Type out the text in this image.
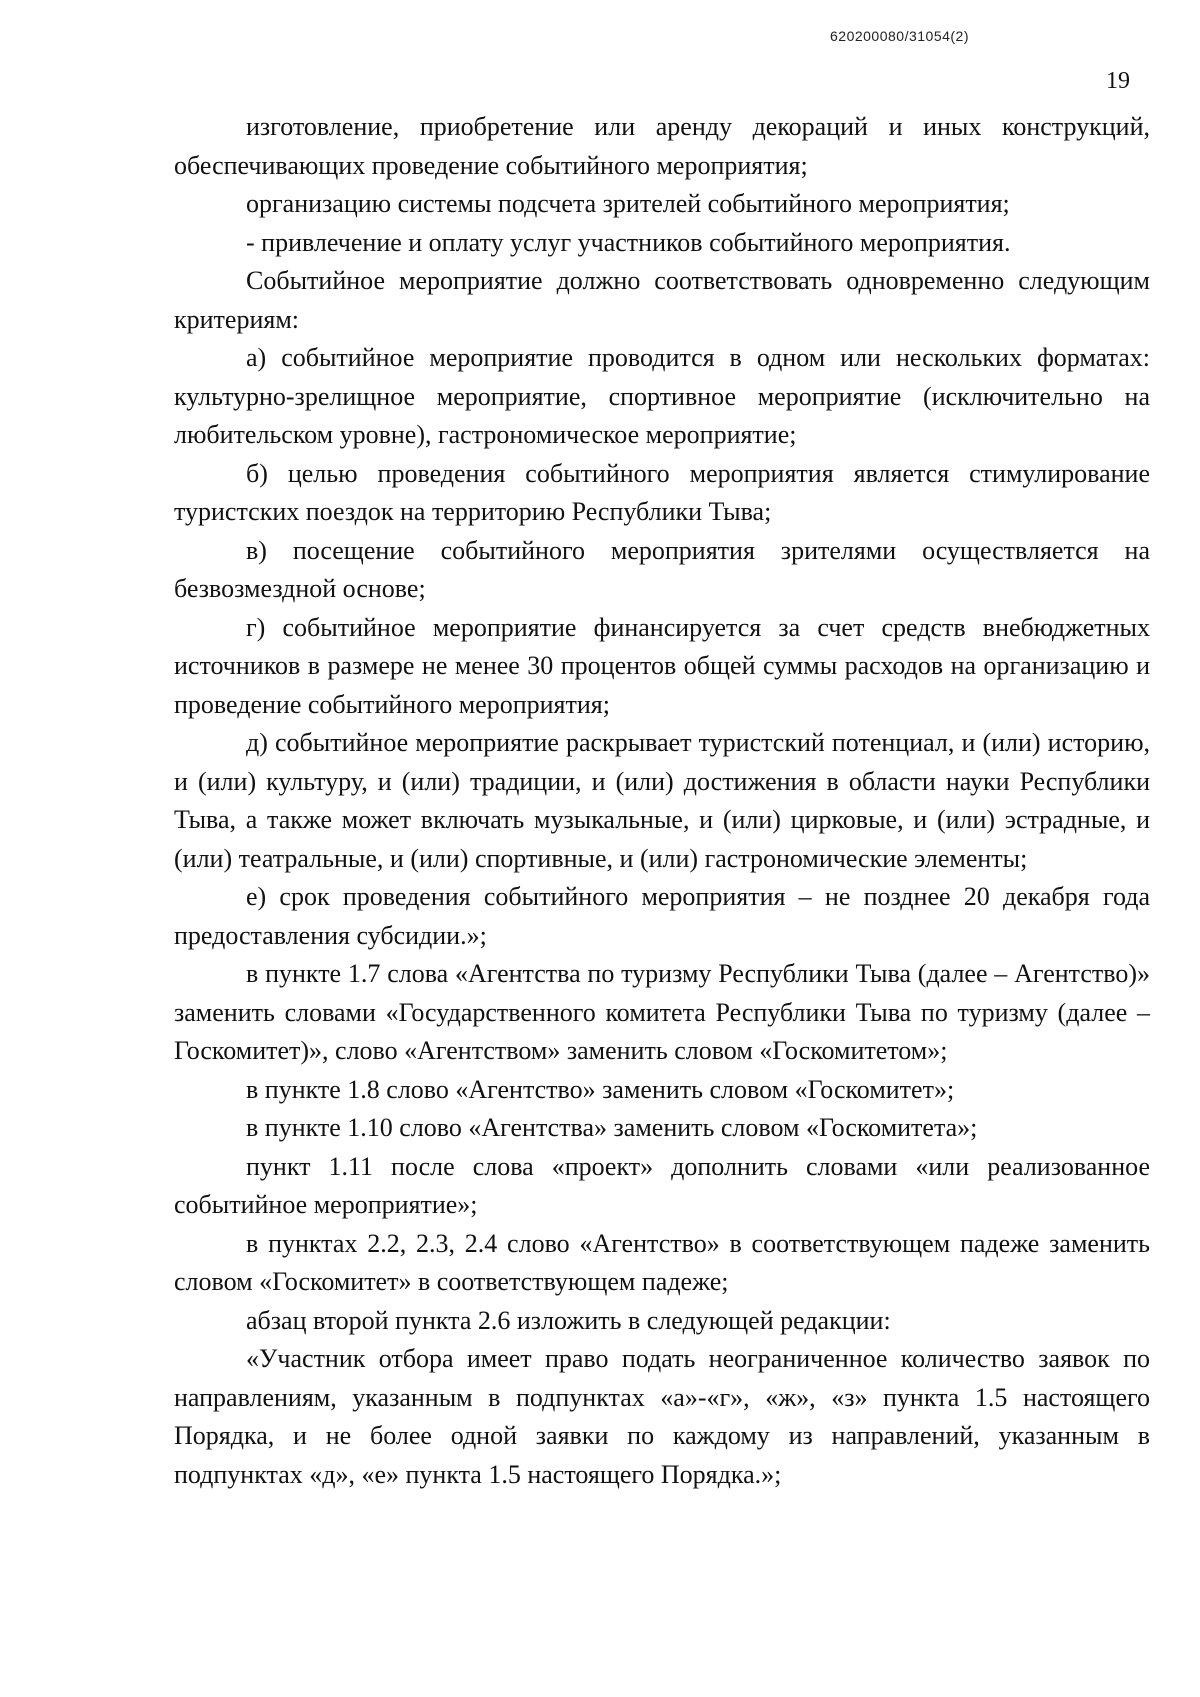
620200080/31054(2)
19

изготовление, приобретение или аренду декораций и иных конструкций, обеспечивающих проведение событийного мероприятия;

организацию системы подсчета зрителей событийного мероприятия;

- привлечение и оплату услуг участников событийного мероприятия.

Событийное мероприятие должно соответствовать одновременно следующим критериям:

а) событийное мероприятие проводится в одном или нескольких форматах: культурно-зрелищное мероприятие, спортивное мероприятие (исключительно на любительском уровне), гастрономическое мероприятие;

б) целью проведения событийного мероприятия является стимулирование туристских поездок на территорию Республики Тыва;

в) посещение событийного мероприятия зрителями осуществляется на безвозмездной основе;

г) событийное мероприятие финансируется за счет средств внебюджетных источников в размере не менее 30 процентов общей суммы расходов на организацию и проведение событийного мероприятия;

д) событийное мероприятие раскрывает туристский потенциал, и (или) историю, и (или) культуру, и (или) традиции, и (или) достижения в области науки Республики Тыва, а также может включать музыкальные, и (или) цирковые, и (или) эстрадные, и (или) театральные, и (или) спортивные, и (или) гастрономические элементы;

е) срок проведения событийного мероприятия – не позднее 20 декабря года предоставления субсидии.»;

в пункте 1.7 слова «Агентства по туризму Республики Тыва (далее – Агентство)» заменить словами «Государственного комитета Республики Тыва по туризму (далее – Госкомитет)», слово «Агентством» заменить словом «Госкомитетом»;

в пункте 1.8 слово «Агентство» заменить словом «Госкомитет»;

в пункте 1.10 слово «Агентства» заменить словом «Госкомитета»;

пункт 1.11 после слова «проект» дополнить словами «или реализованное событийное мероприятие»;

в пунктах 2.2, 2.3, 2.4 слово «Агентство» в соответствующем падеже заменить словом «Госкомитет» в соответствующем падеже;

абзац второй пункта 2.6 изложить в следующей редакции:

«Участник отбора имеет право подать неограниченное количество заявок по направлениям, указанным в подпунктах «а»-«г», «ж», «з» пункта 1.5 настоящего Порядка, и не более одной заявки по каждому из направлений, указанным в подпунктах «д», «е» пункта 1.5 настоящего Порядка.»;
